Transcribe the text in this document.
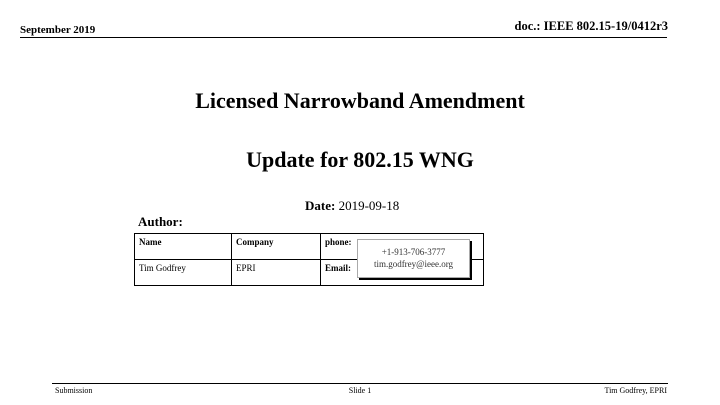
September 2019	doc.: IEEE 802.15-19/0412r3
Licensed Narrowband Amendment
Update for 802.15 WNG
Date: 2019-09-18
Author:
Name	Company	phone:
Tim Godfrey	EPRI	Email:
+1-913-706-3777
tim.godfrey@ieee.org
Submission	Slide 1	Tim Godfrey, EPRI
